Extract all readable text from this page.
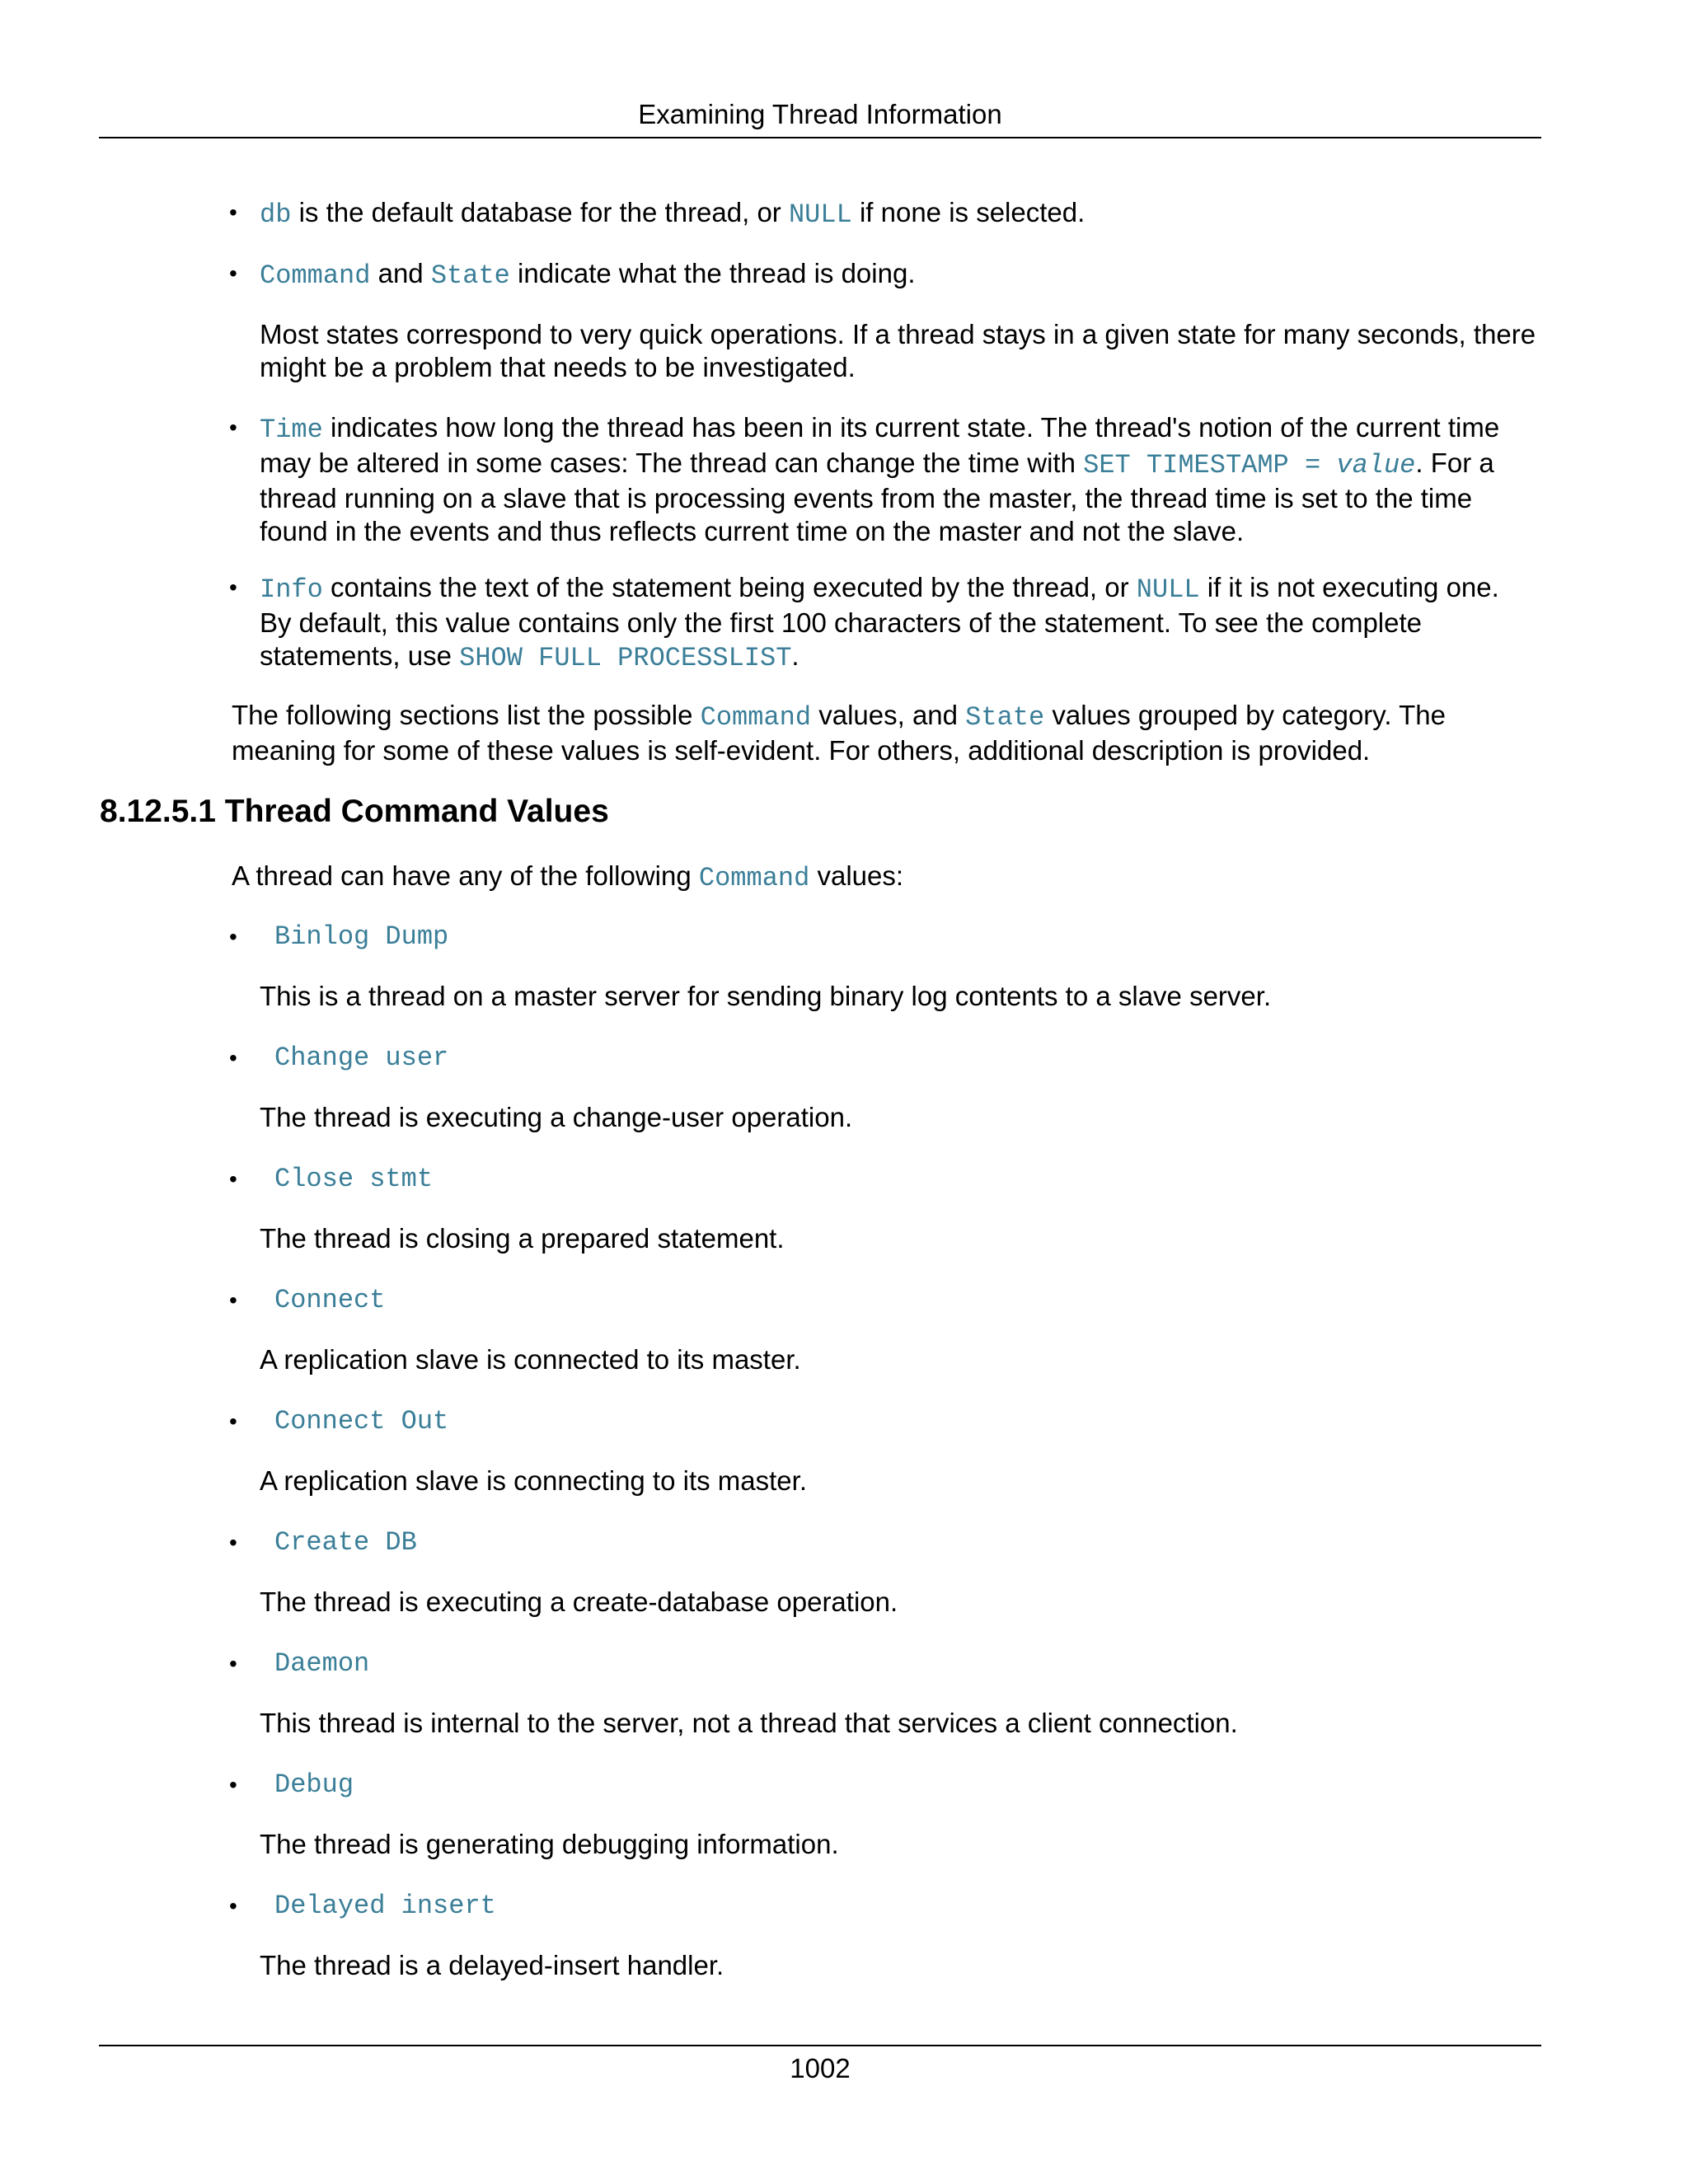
Examining Thread Information
• db is the default database for the thread, or NULL if none is selected.
• Command and State indicate what the thread is doing.
Most states correspond to very quick operations. If a thread stays in a given state for many seconds, there might be a problem that needs to be investigated.
• Time indicates how long the thread has been in its current state. The thread's notion of the current time may be altered in some cases: The thread can change the time with SET TIMESTAMP = value. For a thread running on a slave that is processing events from the master, the thread time is set to the time found in the events and thus reflects current time on the master and not the slave.
• Info contains the text of the statement being executed by the thread, or NULL if it is not executing one. By default, this value contains only the first 100 characters of the statement. To see the complete statements, use SHOW FULL PROCESSLIST.
The following sections list the possible Command values, and State values grouped by category. The meaning for some of these values is self-evident. For others, additional description is provided.
8.12.5.1 Thread Command Values
A thread can have any of the following Command values:
• Binlog Dump
This is a thread on a master server for sending binary log contents to a slave server.
• Change user
The thread is executing a change-user operation.
• Close stmt
The thread is closing a prepared statement.
• Connect
A replication slave is connected to its master.
• Connect Out
A replication slave is connecting to its master.
• Create DB
The thread is executing a create-database operation.
• Daemon
This thread is internal to the server, not a thread that services a client connection.
• Debug
The thread is generating debugging information.
• Delayed insert
The thread is a delayed-insert handler.
1002
